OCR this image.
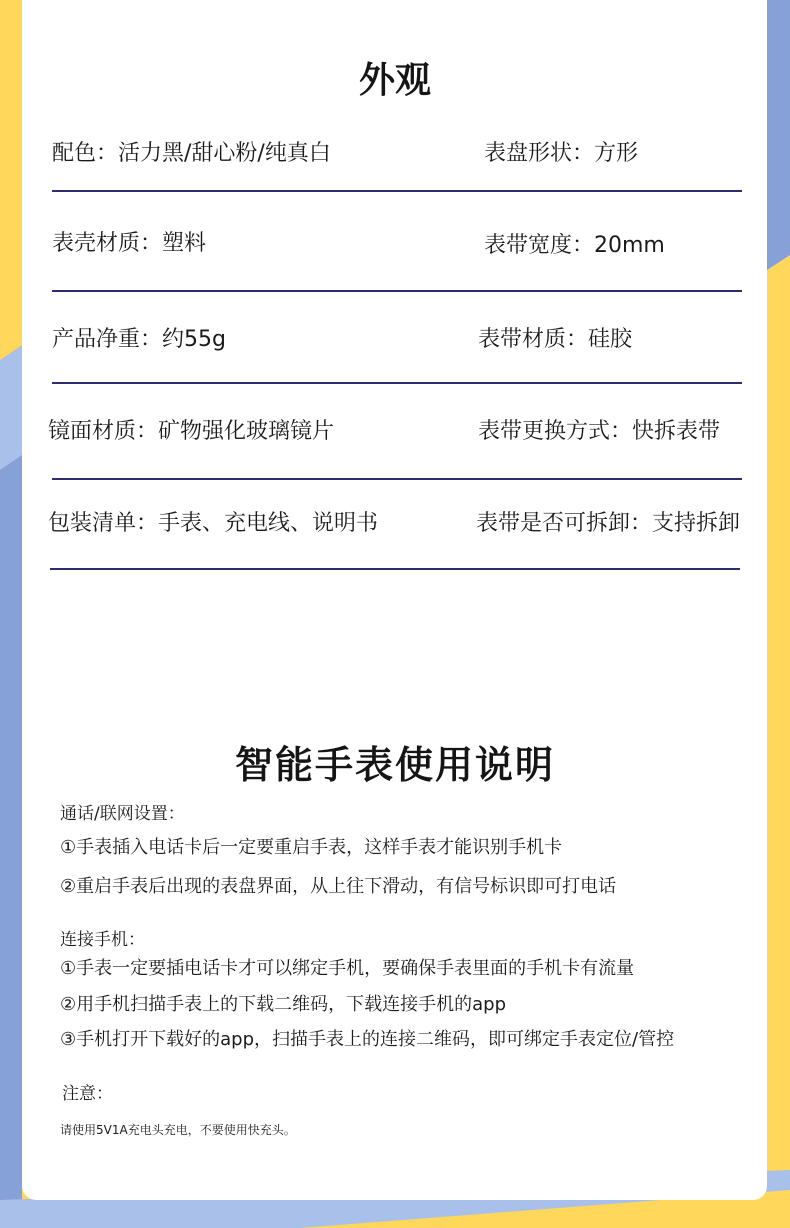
外观
配色：活力黑/甜心粉/纯真白	表盘形状：方形
表壳材质：塑料	表带宽度：20mm
产品净重：约55g	表带材质：硅胶
镜面材质：矿物强化玻璃镜片	表带更换方式：快拆表带
包装清单：手表、充电线、说明书	表带是否可拆卸：支持拆卸
智能手表使用说明
通话/联网设置：
①手表插入电话卡后一定要重启手表，这样手表才能识别手机卡
②重启手表后出现的表盘界面，从上往下滑动，有信号标识即可打电话
连接手机：
①手表一定要插电话卡才可以绑定手机，要确保手表里面的手机卡有流量
②用手机扫描手表上的下载二维码，下载连接手机的app
③手机打开下载好的app，扫描手表上的连接二维码，即可绑定手表定位/管控
注意：
请使用5V1A充电头充电，不要使用快充头。
